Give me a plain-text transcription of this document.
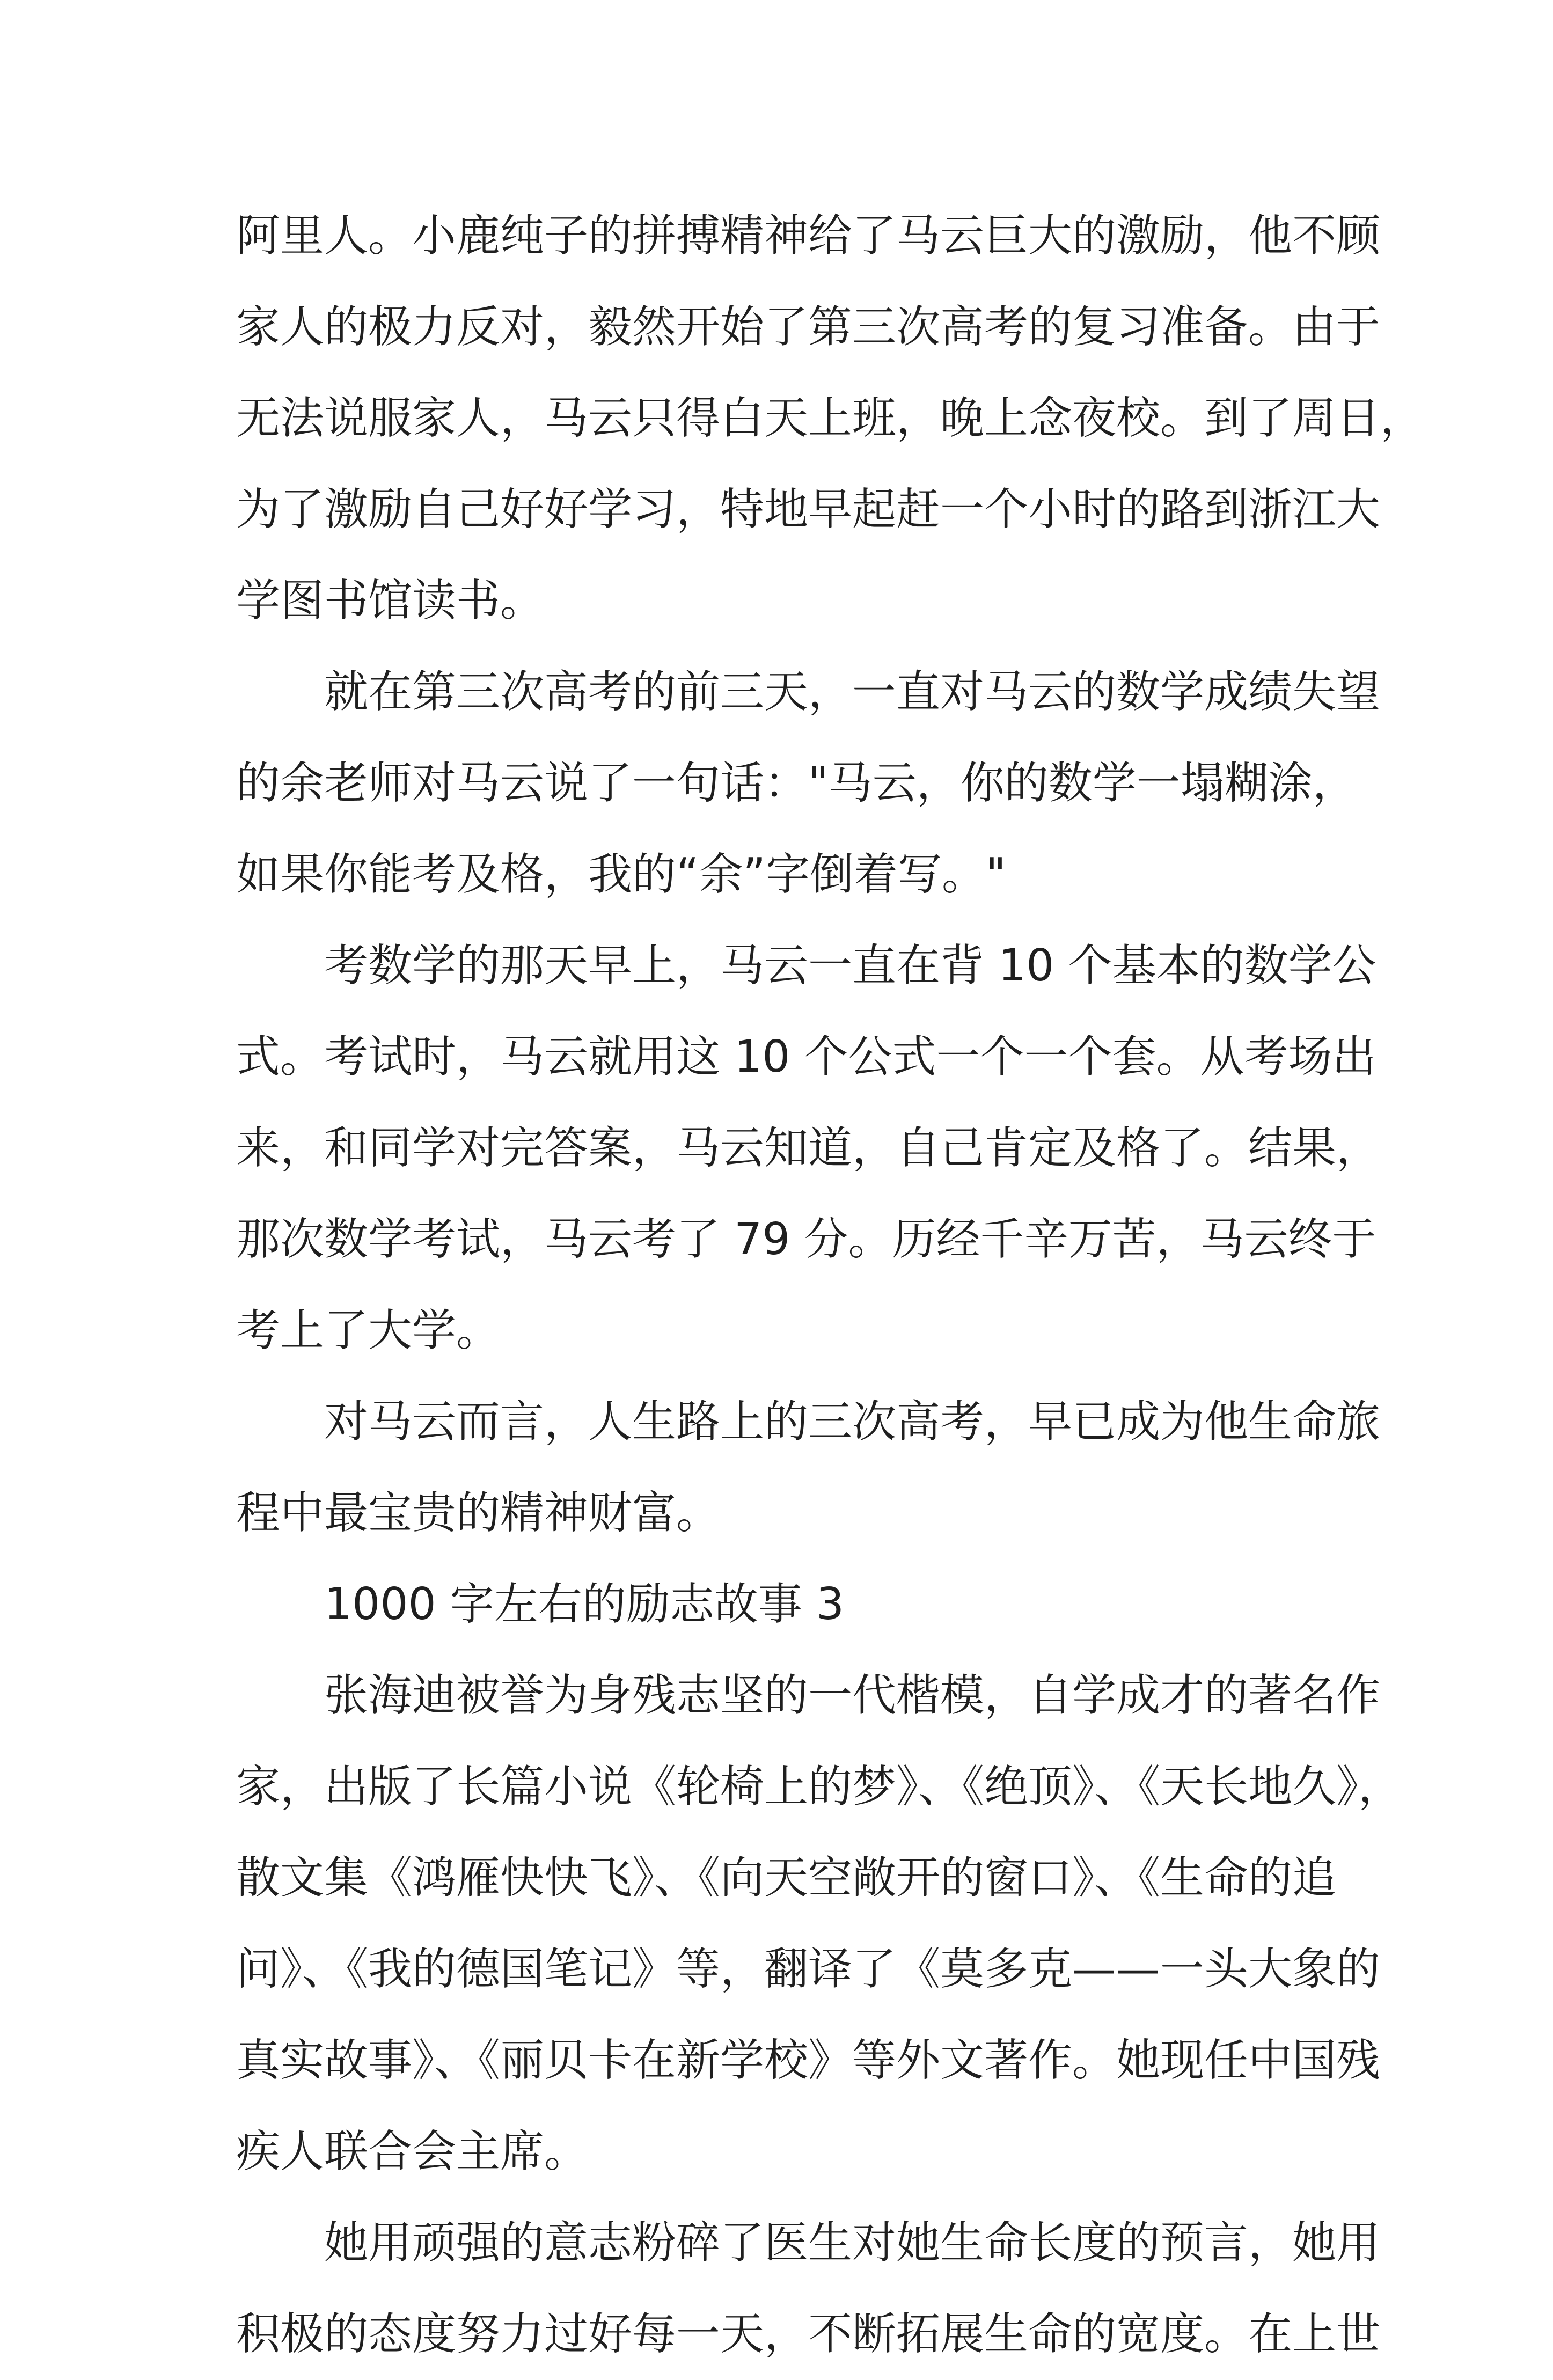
阿里人。小鹿纯子的拼搏精神给了马云巨大的激励，他不顾
家人的极力反对，毅然开始了第三次高考的复习准备。由于
无法说服家人，马云只得白天上班，晚上念夜校。到了周日，
为了激励自己好好学习，特地早起赶一个小时的路到浙江大
学图书馆读书。
就在第三次高考的前三天，一直对马云的数学成绩失望
的余老师对马云说了一句话："马云，你的数学一塌糊涂，
如果你能考及格，我的“余”字倒着写。"
考数学的那天早上，马云一直在背 10 个基本的数学公
式。考试时，马云就用这 10 个公式一个一个套。从考场出
来，和同学对完答案，马云知道，自己肯定及格了。结果，
那次数学考试，马云考了 79 分。历经千辛万苦，马云终于
考上了大学。
对马云而言，人生路上的三次高考，早已成为他生命旅
程中最宝贵的精神财富。
1000 字左右的励志故事 3
张海迪被誉为身残志坚的一代楷模，自学成才的著名作
家，出版了长篇小说《轮椅上的梦》、《绝顶》、《天长地久》，
散文集《鸿雁快快飞》、《向天空敞开的窗口》、《生命的追
问》、《我的德国笔记》等，翻译了《莫多克——一头大象的
真实故事》、《丽贝卡在新学校》等外文著作。她现任中国残
疾人联合会主席。
她用顽强的意志粉碎了医生对她生命长度的预言，她用
积极的态度努力过好每一天，不断拓展生命的宽度。在上世
